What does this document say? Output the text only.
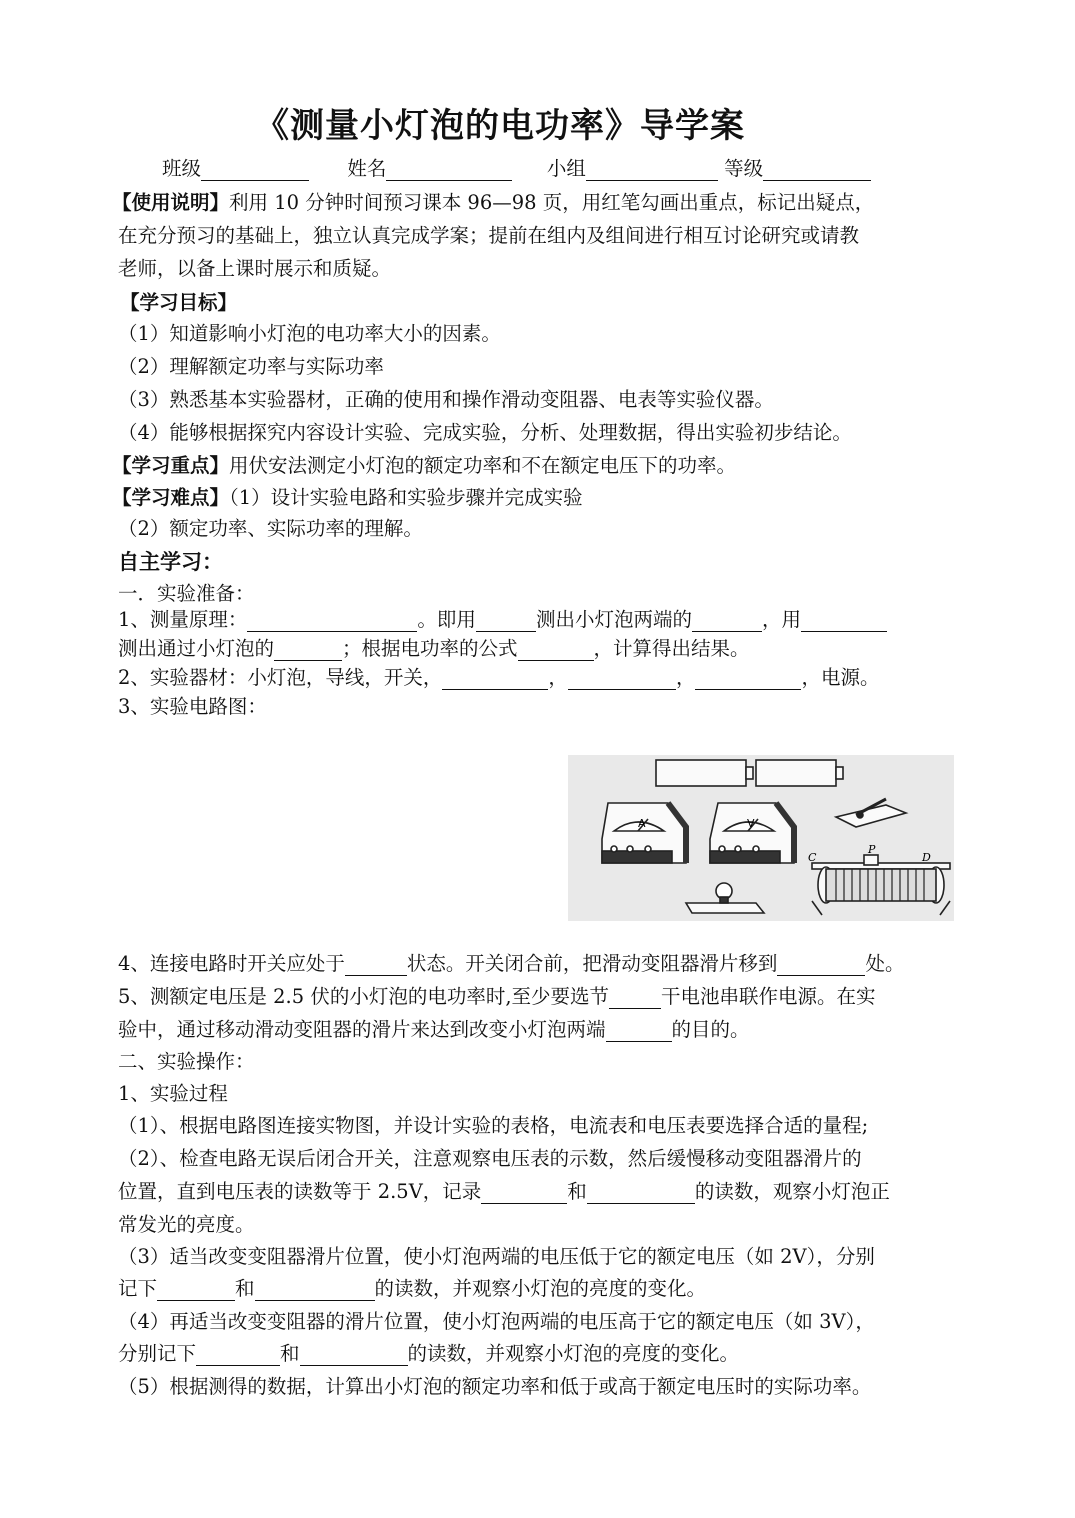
《测量小灯泡的电功率》导学案
班级	姓名	小组	等级
【使用说明】利用 10 分钟时间预习课本 96—98 页，用红笔勾画出重点，标记出疑点，
在充分预习的基础上，独立认真完成学案；提前在组内及组间进行相互讨论研究或请教
老师，以备上课时展示和质疑。
【学习目标】
（1）知道影响小灯泡的电功率大小的因素。
（2）理解额定功率与实际功率
（3）熟悉基本实验器材，正确的使用和操作滑动变阻器、电表等实验仪器。
（4）能够根据探究内容设计实验、完成实验，分析、处理数据，得出实验初步结论。
【学习重点】用伏安法测定小灯泡的额定功率和不在额定电压下的功率。
【学习难点】（1）设计实验电路和实验步骤并完成实验
（2）额定功率、实际功率的理解。
自主学习：
一．实验准备：
1、测量原理：	。即用	测出小灯泡两端的	，用
测出通过小灯泡的	；根据电功率的公式	，计算得出结果。
2、实验器材：小灯泡，导线，开关，	，	，	，电源。
3、实验电路图：
A	V
C
P
D
4、连接电路时开关应处于	状态。开关闭合前，把滑动变阻器滑片移到	处。
5、测额定电压是 2.5 伏的小灯泡的电功率时,至少要选节	干电池串联作电源。在实
验中，通过移动滑动变阻器的滑片来达到改变小灯泡两端	的目的。
二、实验操作：
1、实验过程
（1）、根据电路图连接实物图，并设计实验的表格，电流表和电压表要选择合适的量程;
（2）、检查电路无误后闭合开关，注意观察电压表的示数，然后缓慢移动变阻器滑片的
位置，直到电压表的读数等于 2.5V，记录	和	的读数，观察小灯泡正
常发光的亮度。
（3）适当改变变阻器滑片位置，使小灯泡两端的电压低于它的额定电压（如 2V），分别
记下	和	的读数，并观察小灯泡的亮度的变化。
（4）再适当改变变阻器的滑片位置，使小灯泡两端的电压高于它的额定电压（如 3V），
分别记下	和	的读数，并观察小灯泡的亮度的变化。
（5）根据测得的数据，计算出小灯泡的额定功率和低于或高于额定电压时的实际功率。
